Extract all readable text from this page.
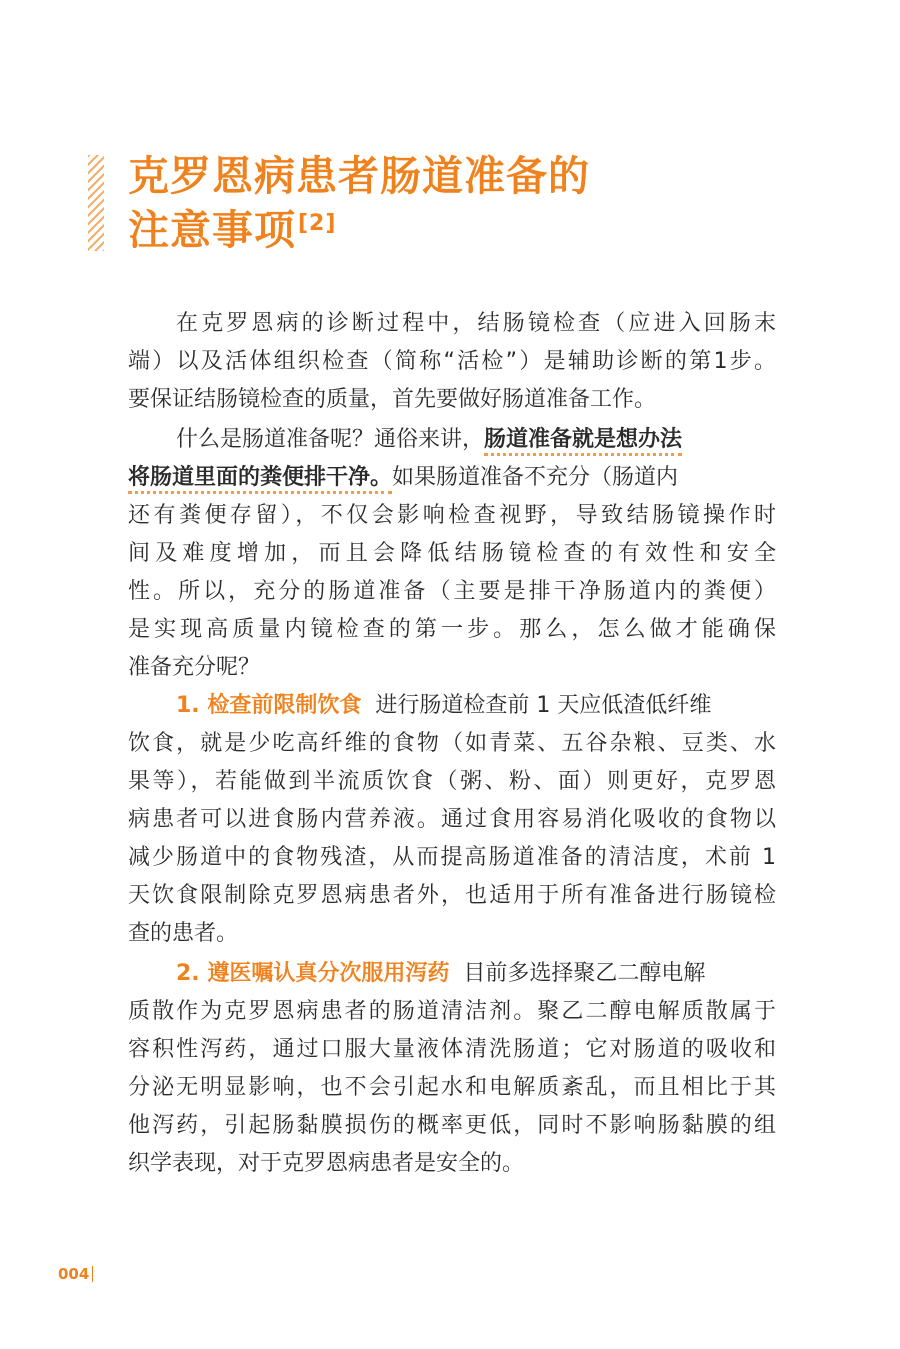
克罗恩病患者肠道准备的
注意事项[2]
在克罗恩病的诊断过程中，结肠镜检查（应进入回肠末
端）以及活体组织检查（简称“活检”）是辅助诊断的第1步。
要保证结肠镜检查的质量，首先要做好肠道准备工作。
什么是肠道准备呢？通俗来讲，肠道准备就是想办法
将肠道里面的粪便排干净。如果肠道准备不充分（肠道内
还有粪便存留），不仅会影响检查视野，导致结肠镜操作时
间及难度增加，而且会降低结肠镜检查的有效性和安全
性。所以，充分的肠道准备（主要是排干净肠道内的粪便）
是实现高质量内镜检查的第一步。那么，怎么做才能确保
准备充分呢？
1. 检查前限制饮食 进行肠道检查前 1 天应低渣低纤维
饮食，就是少吃高纤维的食物（如青菜、五谷杂粮、豆类、水
果等），若能做到半流质饮食（粥、粉、面）则更好，克罗恩
病患者可以进食肠内营养液。通过食用容易消化吸收的食物以
减少肠道中的食物残渣，从而提高肠道准备的清洁度，术前 1
天饮食限制除克罗恩病患者外，也适用于所有准备进行肠镜检
查的患者。
2. 遵医嘱认真分次服用泻药 目前多选择聚乙二醇电解
质散作为克罗恩病患者的肠道清洁剂。聚乙二醇电解质散属于
容积性泻药，通过口服大量液体清洗肠道；它对肠道的吸收和
分泌无明显影响，也不会引起水和电解质紊乱，而且相比于其
他泻药，引起肠黏膜损伤的概率更低，同时不影响肠黏膜的组
织学表现，对于克罗恩病患者是安全的。
004
